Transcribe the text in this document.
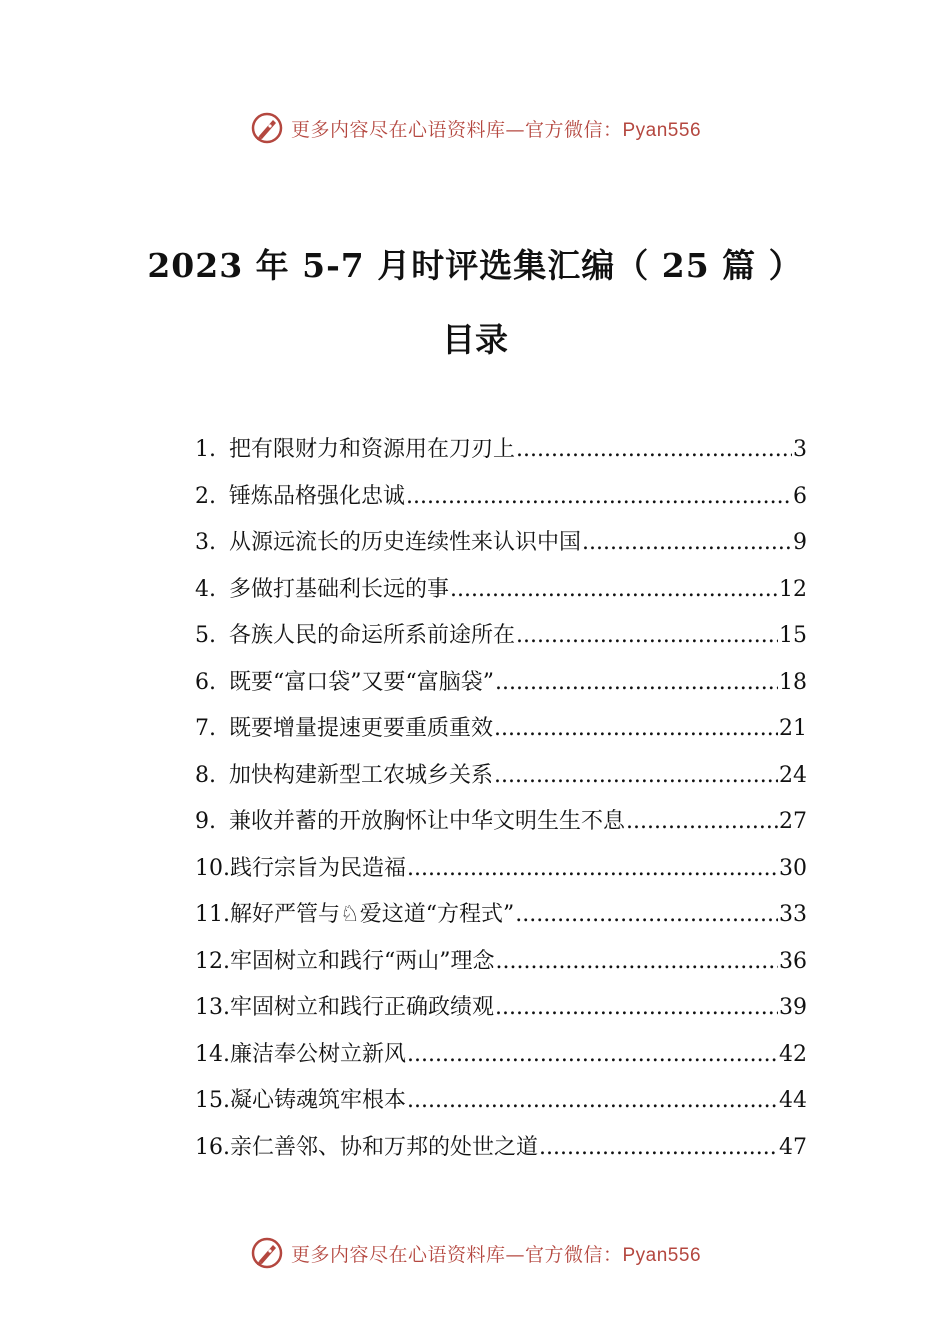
更多内容尽在心语资料库—官方微信：Pyan556
2023 年 5-7 月时评选集汇编（ 25 篇 ）
目录
1. 把有限财力和资源用在刀刃上 .....	3
2. 锤炼品格强化忠诚 .....	6
3. 从源远流长的历史连续性来认识中国 .....	9
4. 多做打基础利长远的事 .....	12
5. 各族人民的命运所系前途所在 .....	15
6. 既要“富口袋”又要“富脑袋” .....	18
7. 既要增量提速更要重质重效 .....	21
8. 加快构建新型工农城乡关系 .....	24
9. 兼收并蓄的开放胸怀让中华文明生生不息 .....	27
10. 践行宗旨为民造福 .....	30
11. 解好严管与♘爱这道“方程式” .....	33
12. 牢固树立和践行“两山”理念 .....	36
13. 牢固树立和践行正确政绩观 .....	39
14. 廉洁奉公树立新风 .....	42
15. 凝心铸魂筑牢根本 .....	44
16. 亲仁善邻、协和万邦的处世之道 .....	47
更多内容尽在心语资料库—官方微信：Pyan556
